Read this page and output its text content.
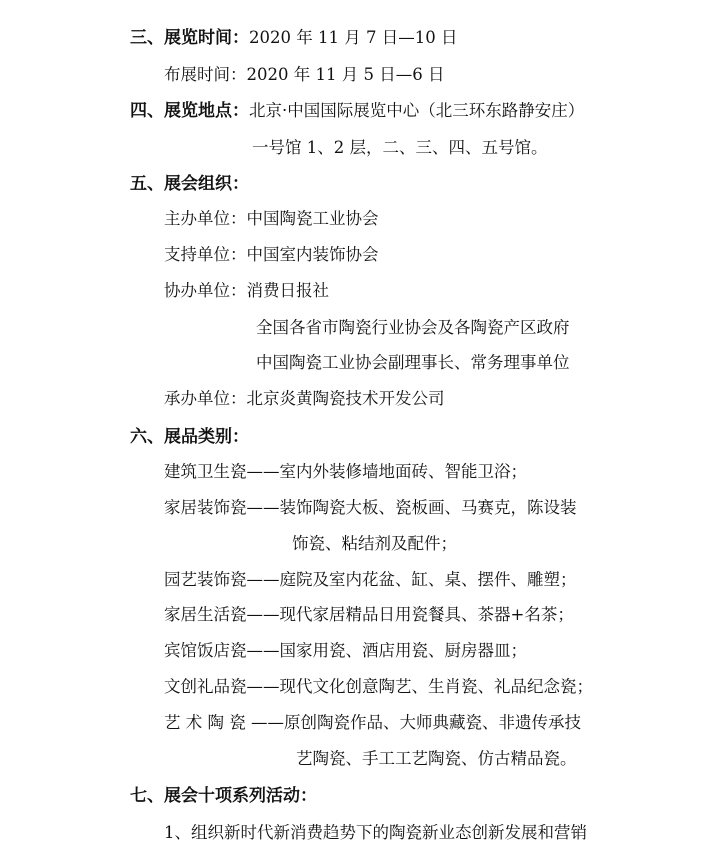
三、展览时间：2020 年 11 月 7 日—10 日
布展时间：2020 年 11 月 5 日—6 日
四、展览地点：北京·中国国际展览中心（北三环东路静安庄）
一号馆 1、2 层，二、三、四、五号馆。
五、展会组织：
主办单位：中国陶瓷工业协会
支持单位：中国室内装饰协会
协办单位：消费日报社
全国各省市陶瓷行业协会及各陶瓷产区政府
中国陶瓷工业协会副理事长、常务理事单位
承办单位：北京炎黄陶瓷技术开发公司
六、展品类别：
建筑卫生瓷——室内外装修墙地面砖、智能卫浴；
家居装饰瓷——装饰陶瓷大板、瓷板画、马赛克，陈设装
饰瓷、粘结剂及配件；
园艺装饰瓷——庭院及室内花盆、缸、桌、摆件、雕塑；
家居生活瓷——现代家居精品日用瓷餐具、茶器+名茶；
宾馆饭店瓷——国家用瓷、酒店用瓷、厨房器皿；
文创礼品瓷——现代文化创意陶艺、生肖瓷、礼品纪念瓷；
艺 术 陶 瓷 ——原创陶瓷作品、大师典藏瓷、非遗传承技
艺陶瓷、手工工艺陶瓷、仿古精品瓷。
七、展会十项系列活动：
1、组织新时代新消费趋势下的陶瓷新业态创新发展和营销
